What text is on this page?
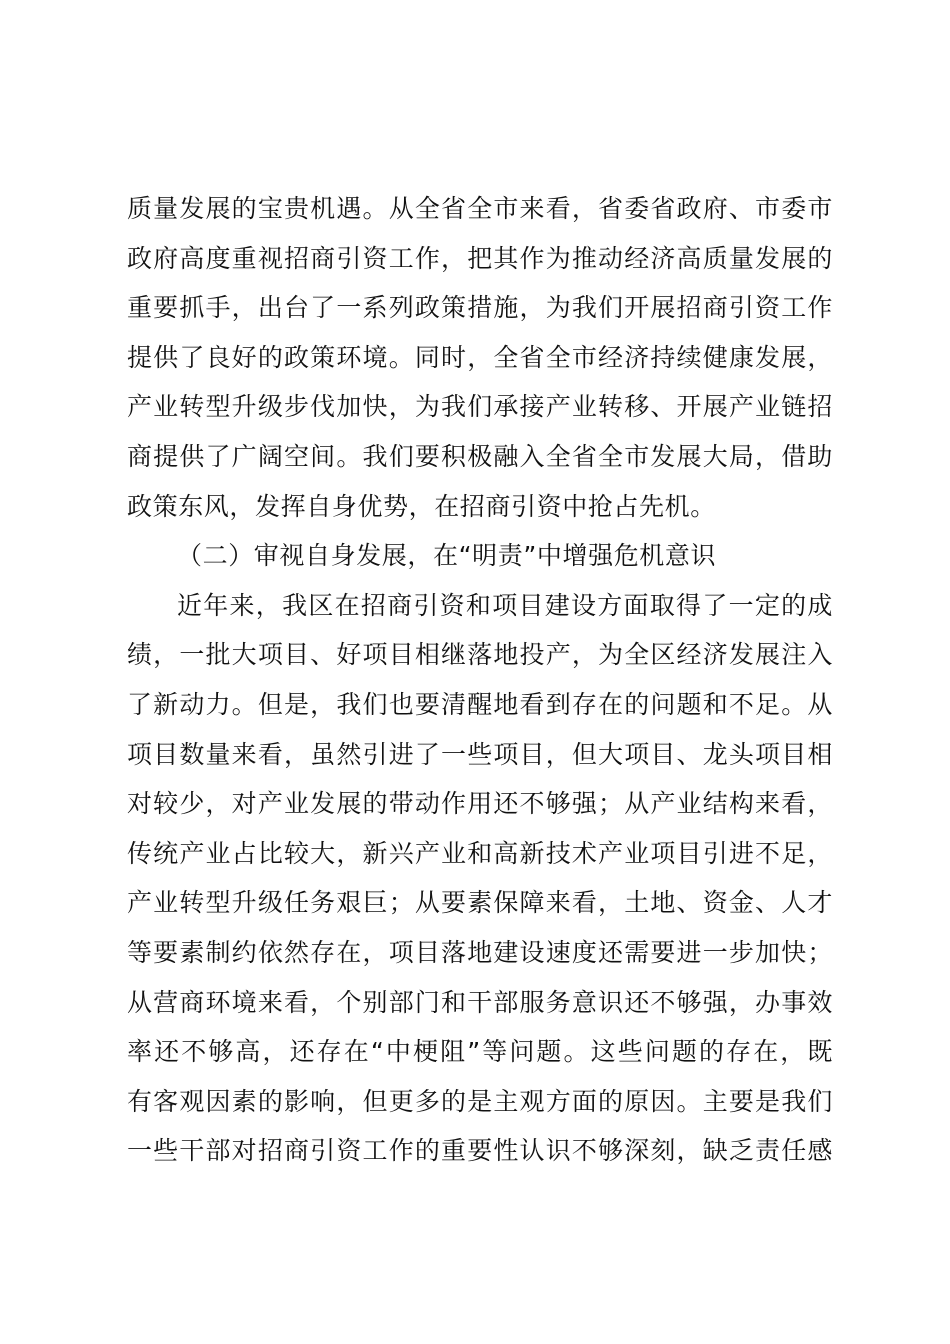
质量发展的宝贵机遇。从全省全市来看，省委省政府、市委市
政府高度重视招商引资工作，把其作为推动经济高质量发展的
重要抓手，出台了一系列政策措施，为我们开展招商引资工作
提供了良好的政策环境。同时，全省全市经济持续健康发展，
产业转型升级步伐加快，为我们承接产业转移、开展产业链招
商提供了广阔空间。我们要积极融入全省全市发展大局，借助
政策东风，发挥自身优势，在招商引资中抢占先机。
（二）审视自身发展，在“明责”中增强危机意识
近年来，我区在招商引资和项目建设方面取得了一定的成
绩，一批大项目、好项目相继落地投产，为全区经济发展注入
了新动力。但是，我们也要清醒地看到存在的问题和不足。从
项目数量来看，虽然引进了一些项目，但大项目、龙头项目相
对较少，对产业发展的带动作用还不够强；从产业结构来看，
传统产业占比较大，新兴产业和高新技术产业项目引进不足，
产业转型升级任务艰巨；从要素保障来看，土地、资金、人才
等要素制约依然存在，项目落地建设速度还需要进一步加快；
从营商环境来看，个别部门和干部服务意识还不够强，办事效
率还不够高，还存在“中梗阻”等问题。这些问题的存在，既
有客观因素的影响，但更多的是主观方面的原因。主要是我们
一些干部对招商引资工作的重要性认识不够深刻，缺乏责任感
